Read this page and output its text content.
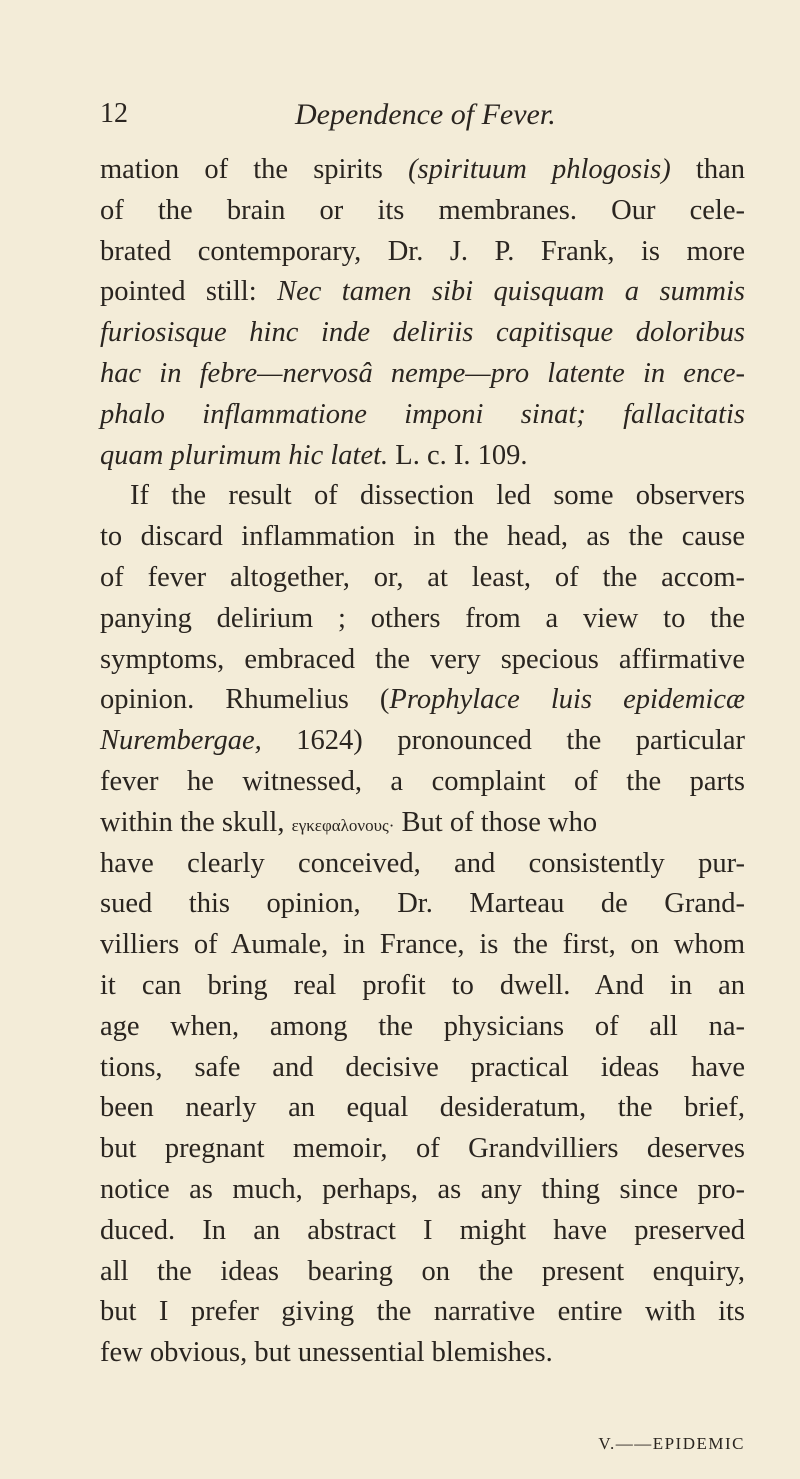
12	Dependence of Fever.
mation of the spirits (spirituum phlogosis) than
of the brain or its membranes. Our cele-
brated contemporary, Dr. J. P. Frank, is more
pointed still: Nec tamen sibi quisquam a summis
furiosisque hinc inde deliriis capitisque doloribus
hac in febre—nervosâ nempe—pro latente in ence-
phalo inflammatione imponi sinat; fallacitatis
quam plurimum hic latet. L. c. I. 109.
If the result of dissection led some observers
to discard inflammation in the head, as the cause
of fever altogether, or, at least, of the accom-
panying delirium ; others from a view to the
symptoms, embraced the very specious affirmative
opinion. Rhumelius (Prophylace luis epidemicæ
Nurembergae, 1624) pronounced the particular
fever he witnessed, a complaint of the parts
within the skull, εγκεφαλονους· But of those who
have clearly conceived, and consistently pur-
sued this opinion, Dr. Marteau de Grand-
villiers of Aumale, in France, is the first, on whom
it can bring real profit to dwell. And in an
age when, among the physicians of all na-
tions, safe and decisive practical ideas have
been nearly an equal desideratum, the brief,
but pregnant memoir, of Grandvilliers deserves
notice as much, perhaps, as any thing since pro-
duced. In an abstract I might have preserved
all the ideas bearing on the present enquiry,
but I prefer giving the narrative entire with its
few obvious, but unessential blemishes.
V.——EPIDEMIC
